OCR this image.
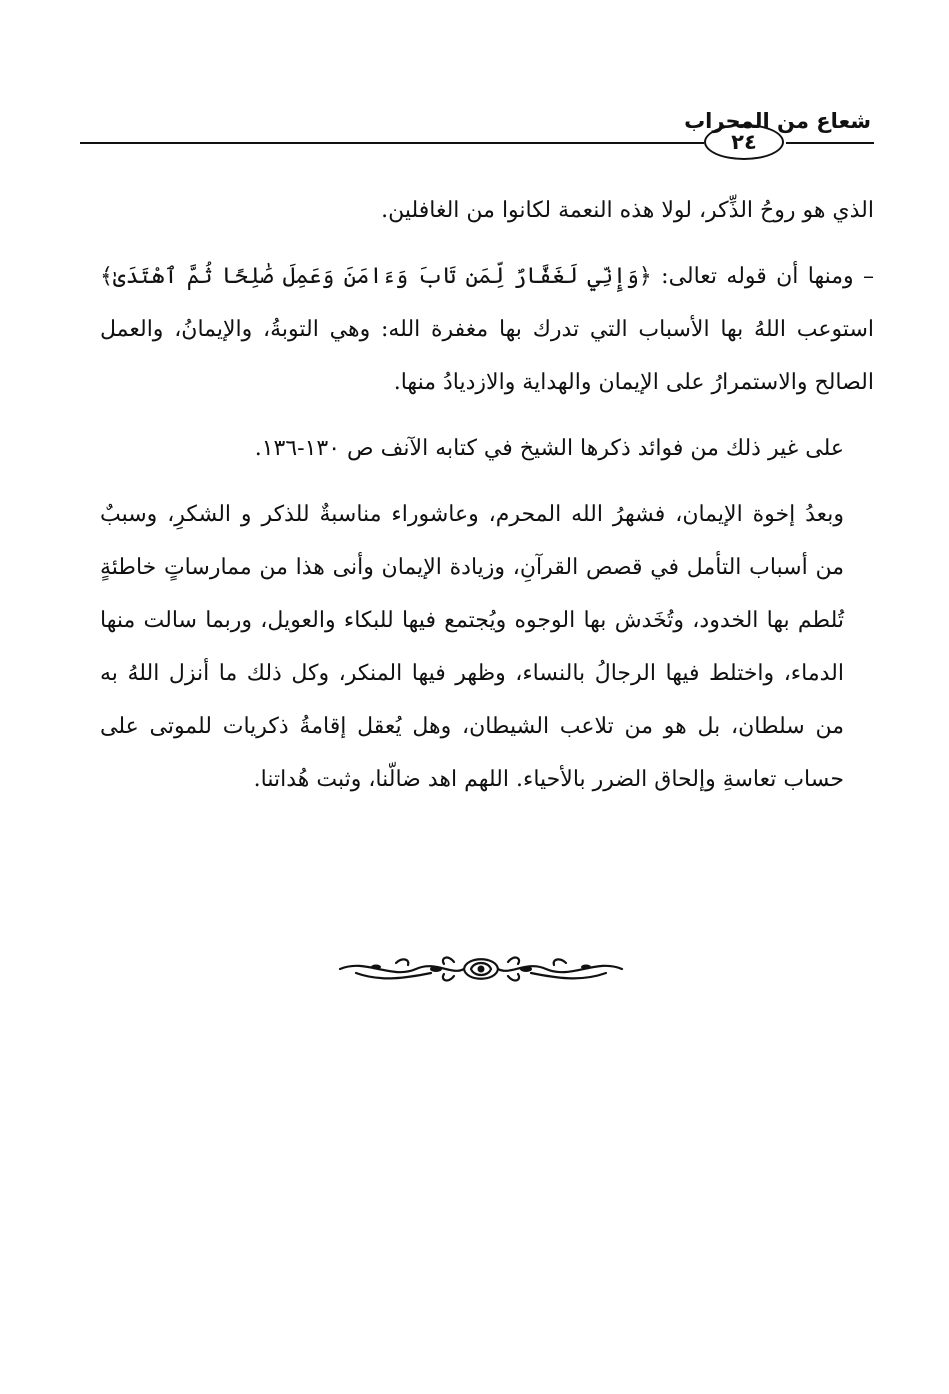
شعاع من المحراب
٢٤

الذي هو روحُ الذِّكر، لولا هذه النعمة لكانوا من الغافلين.

– ومنها أن قوله تعالى: ﴿وَإِنِّي لَغَفَّارٌ لِّمَن تَابَ وَءَامَنَ وَعَمِلَ صَٰلِحًا ثُمَّ ٱهْتَدَىٰ﴾ استوعب اللهُ بها الأسباب التي تدرك بها مغفرة الله: وهي التوبةُ، والإيمانُ، والعمل الصالح والاستمرارُ على الإيمان والهداية والازديادُ منها.

على غير ذلك من فوائد ذكرها الشيخ في كتابه الآنف ص ١٣٠-١٣٦.

وبعدُ إخوة الإيمان، فشهرُ الله المحرم، وعاشوراء مناسبةٌ للذكر و الشكرِ، وسببٌ من أسباب التأمل في قصص القرآنِ، وزيادة الإيمان وأنى هذا من ممارساتٍ خاطئةٍ تُلطم بها الخدود، وتُخَدش بها الوجوه ويُجتمع فيها للبكاء والعويل، وربما سالت منها الدماء، واختلط فيها الرجالُ بالنساء، وظهر فيها المنكر، وكل ذلك ما أنزل اللهُ به من سلطان، بل هو من تلاعب الشيطان، وهل يُعقل إقامةُ ذكريات للموتى على حساب تعاسةِ وإلحاق الضرر بالأحياء. اللهم اهد ضالّنا، وثبت هُداتنا.
